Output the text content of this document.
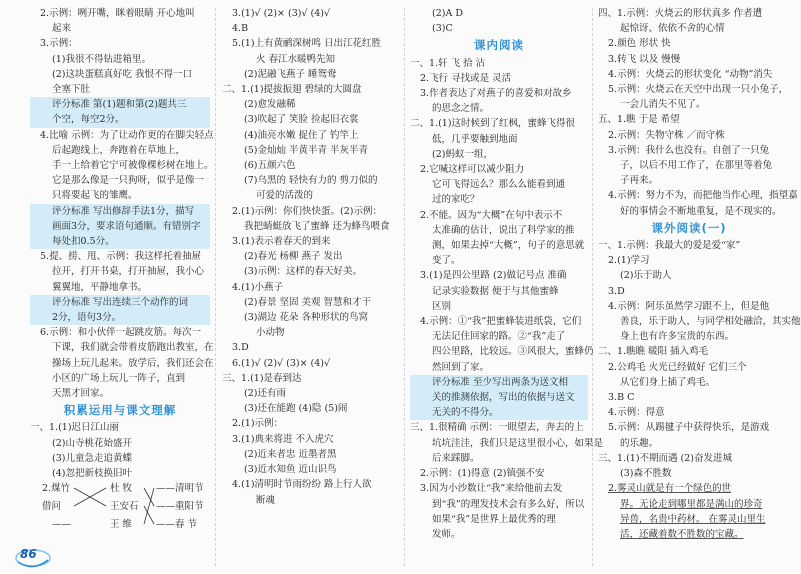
2.示例：咧开嘴，眯着眼睛 开心地叫
起来
3.示例：
(1)我很不得钻进箱里。
(2)这块蛋糕真好吃 我恨不得一口
全塞下肚
评分标准 第(1)题和第(2)题共三
个空，每空2分。
4.比喻 示例：为了让动作更的在脚尖轻点
后起跑线上，奔跑着在草地上，
手一上给着它宁可被像棵杉树在地上。
它是那么像是一只狗呀，似乎是像一
只将要起飞的雏鹰。
评分标准 写出修辞手法1分，描写
画面3分，要求语句通顺。有错别字
每处扣0.5分。
5.提、捞、甩、示例：我这样托着抽屉
拉开，打开书桌，打开抽屉，我小心
翼翼地，平静地拿书。
评分标准 写出连续三个动作的词
2分，语句3分。
6.示例：和小伙伴一起跳皮筋。每次一
下课，我们就会带着皮筋跑出教室，在
操场上玩儿起来。放学后，我们还会在
小区的广场上玩儿一阵子，直到
天黑才回家。
积累运用与课文理解
一、1.(1)迟日江山丽
(2)山寺桃花始盛开
(3)儿童急走追黄蝶
(4)忽把新枝换旧叶
2.煤竹
借问
——
杜 牧
王安石
王 维
——清明节
——重阳节
——春 节
3.(1)√ (2)× (3)√ (4)√
4.B
5.(1)上有黄鹂深树鸣 日出江花红胜
火 春江水暖鸭先知
(2)泥融飞燕子 睡鸳鸯
二、1.(1)提拔振翅 碧绿的大圆盘
(2)愈发融稀
(3)吹起了 笑脸 捡起旧衣裳
(4)油亮水嫩 捉住了 钓竿上
(5)金灿灿 半黄半青 半灰半青
(6)五颜六色
(7)乌黑的 轻快有力的 剪刀似的
可爱的活泼的
2.(1)示例：你们快快蛋。(2)示例：
我把蜻蜓放飞了蜜蜂 还为蜂鸟喂食
3.(1)表示着春天的到来
(2)春光 杨柳 燕子 发出
(3)示例：这样的春天好美。
4.(1)小燕子
(2)春景 坚固 美观 智慧和才干
(3)湖边 花朵 各种形状的鸟窝
小动物
3.D
6.(1)√ (2)√ (3)× (4)√
三、1.(1)是春到达
(2)还有雨
(3)还在能跑 (4)隐 (5)闹
2.(1)示例：
3.(1)典来将进 不入虎穴
(2)近来者忠 近墨者黑
(3)近水知鱼 近山识鸟
4.(1)清明时节雨纷纷 路上行人欲
断魂
(2)A D
(3)C
课内阅读
一、1.轩 飞 拾 沾
2.飞行 寻找或是 灵活
3.作者表达了对燕子的喜爱和对故乡
的思念之情。
二、1.(1)这时候到了红枫，蜜蜂飞得很
低，几乎要触到地面
(2)蚂蚁一组，
2.它喊这样可以减少阻力
它可飞得远么？那么么能看到通
过的家吃？
2.不能。因为“大概”在句中表示不
太准确的估计，说出了科学家的推
测，如果去掉“大概”，句子的意思就
变了。
3.(1)是四公里路 (2)做记号点 准确
记录实验数据 便于与其他蜜蜂
区别
4.示例：①“我”把蜜蜂装进纸袋，它们
无法记住回家的路。②“我”走了
四公里路，比较远。③风很大，蜜蜂仍
然回到了家。
评分标准 至少写出两条为送文相
关的推测依据，写出的依据与送文
无关的不得分。
三、1.很精确 示例：一眼望去，奔去的上
坑坑洼洼，我们只是这里很小心，如果是
后来踩脚。
2.示例：(1)得意 (2)镇强不安
3.因为小沙数让“我”来给他前去发
到“我”的理发技术会有多么好，所以
如果“我”是世界上最优秀的理
发师。
四、1.示例：火烧云的形状真多 作者遭
起惊讶、依依不舍的心情
2.颜色 形状 快
3.转飞 以及 慢慢
4.示例：火烧云的形状变化 “动物”消失
5.示例：火烧云在天空中出现一只小兔子，
一会儿消失不见了。
五、1.瞧 于是 希望
2.示例：失物守株 ／而守株
3.示例：我什么也没有。自创了一只兔
子，以后不用工作了，在那里等着兔
子再来。
4.示例：努力不为，而把他当作心理，指望嘉
好的事情会不断地重复，是不现实的。
课外阅读(一)
一、1.示例：我最大的爱是爱“家”
2.(1)学习
(2)乐于助人
3.D
4.示例：阿乐虽然学习跟不上，但是他
善良，乐于助人，与同学相处融洽，其实他
身上也有许多宝贵的东西。
二、1.瞧瞧 暖阳 插入鸡毛
2.公鸡毛 火光已经做好 它们三个
从它们身上插了鸡毛。
3.B C
4.示例：得意
5.示例：从踢毽子中获得快乐，是游戏
的乐趣。
三、1.(1)不期而遇 (2)奋发进城
(3)森不胜数
2.雾灵山就是有一个绿色的世
界。无论走到哪里都是满山的珍奇
异兽，名贵中药材。 在雾灵山里生
活，还藏着数不胜数的宝藏。
86
